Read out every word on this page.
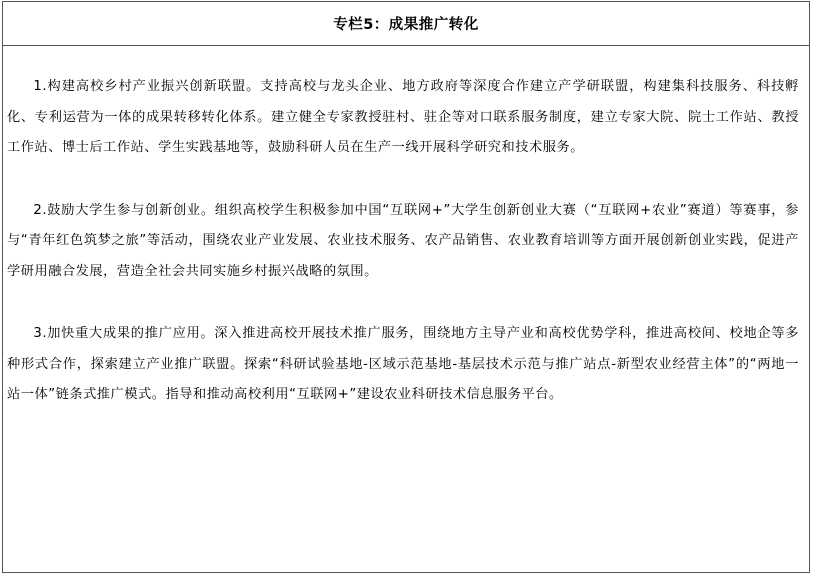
专栏5：成果推广转化

1.构建高校乡村产业振兴创新联盟。支持高校与龙头企业、地方政府等深度合作建立产学研联盟，构建集科技服务、科技孵化、专利运营为一体的成果转移转化体系。建立健全专家教授驻村、驻企等对口联系服务制度，建立专家大院、院士工作站、教授工作站、博士后工作站、学生实践基地等，鼓励科研人员在生产一线开展科学研究和技术服务。

2.鼓励大学生参与创新创业。组织高校学生积极参加中国“互联网+”大学生创新创业大赛（“互联网+农业”赛道）等赛事，参与“青年红色筑梦之旅”等活动，围绕农业产业发展、农业技术服务、农产品销售、农业教育培训等方面开展创新创业实践，促进产学研用融合发展，营造全社会共同实施乡村振兴战略的氛围。

3.加快重大成果的推广应用。深入推进高校开展技术推广服务，围绕地方主导产业和高校优势学科，推进高校间、校地企等多种形式合作，探索建立产业推广联盟。探索“科研试验基地-区域示范基地-基层技术示范与推广站点-新型农业经营主体”的“两地一站一体”链条式推广模式。指导和推动高校利用“互联网+”建设农业科研技术信息服务平台。
